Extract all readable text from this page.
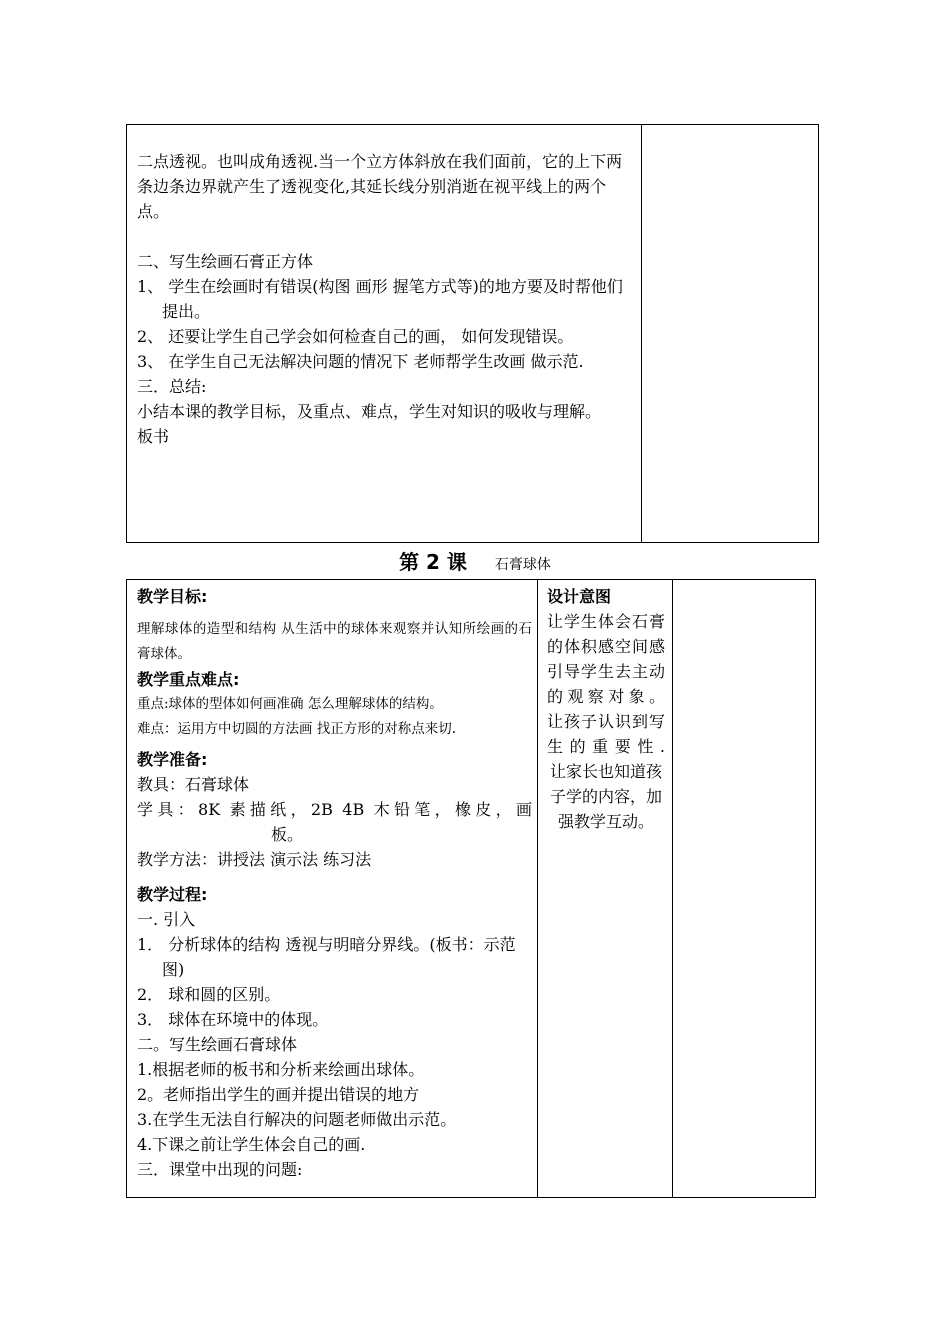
二点透视。也叫成角透视.当一个立方体斜放在我们面前，它的上下两条边条边界就产生了透视变化,其延长线分别消逝在视平线上的两个点。
二、写生绘画石膏正方体
1、 学生在绘画时有错误(构图 画形 握笔方式等)的地方要及时帮他们提出。
2、 还要让学生自己学会如何检查自己的画， 如何发现错误。
3、 在学生自己无法解决问题的情况下 老师帮学生改画 做示范.
三．总结:
小结本课的教学目标，及重点、难点，学生对知识的吸收与理解。
板书
第 2 课 石膏球体
教学目标:
理解球体的造型和结构 从生活中的球体来观察并认知所绘画的石膏球体。
教学重点难点:
重点:球体的型体如何画准确 怎么理解球体的结构。
难点：运用方中切圆的方法画 找正方形的对称点来切.
教学准备:
教具：石膏球体
学具：8K 素描纸，2B 4B 木铅笔，橡皮，画
板。
教学方法：讲授法 演示法 练习法
教学过程:
一. 引入
1． 分析球体的结构 透视与明暗分界线。(板书：示范图)
2． 球和圆的区别。
3． 球体在环境中的体现。
二。写生绘画石膏球体
1.根据老师的板书和分析来绘画出球体。
2。老师指出学生的画并提出错误的地方
3.在学生无法自行解决的问题老师做出示范。
4.下课之前让学生体会自己的画.
三．课堂中出现的问题:
设计意图
让学生体会石膏的体积感空间感
引导学生去主动的观察对象。
让孩子认识到写生的重要性.
让家长也知道孩子学的内容，加强教学互动。
